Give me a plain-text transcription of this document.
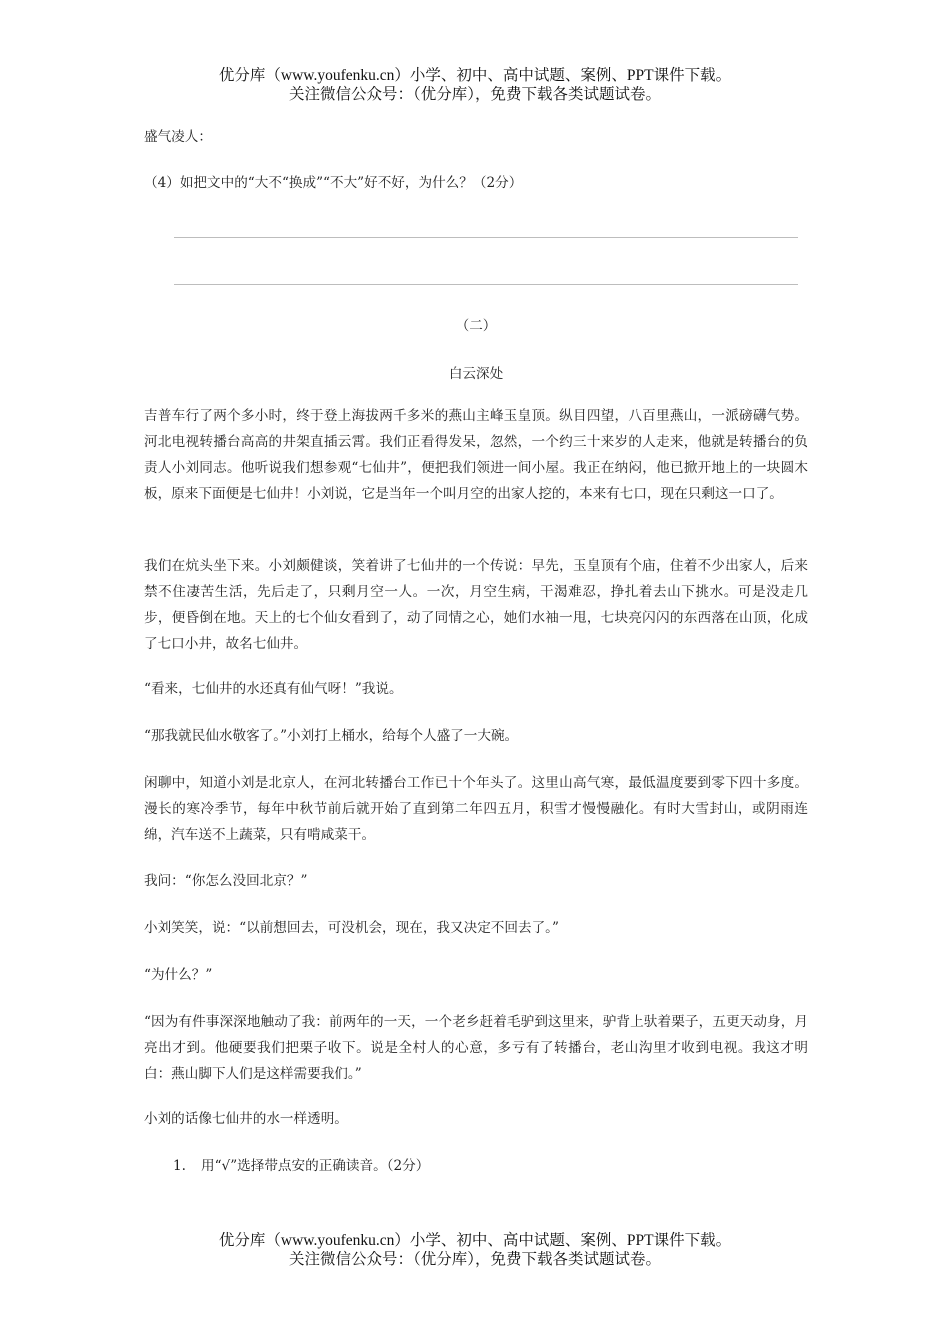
优分库（www.youfenku.cn）小学、初中、高中试题、案例、PPT课件下载。
关注微信公众号：（优分库），免费下载各类试题试卷。
盛气凌人：
（4）如把文中的“大不“换成”“不大”好不好，为什么？（2分）
（二）
白云深处
吉普车行了两个多小时，终于登上海拔两千多米的燕山主峰玉皇顶。纵目四望，八百里燕山，一派磅礴气势。河北电视转播台高高的井架直插云霄。我们正看得发呆，忽然，一个约三十来岁的人走来，他就是转播台的负责人小刘同志。他听说我们想参观“七仙井”，便把我们领进一间小屋。我正在纳闷，他已掀开地上的一块圆木板，原来下面便是七仙井！小刘说，它是当年一个叫月空的出家人挖的，本来有七口，现在只剩这一口了。
我们在炕头坐下来。小刘颇健谈，笑着讲了七仙井的一个传说：早先，玉皇顶有个庙，住着不少出家人，后来禁不住凄苦生活，先后走了，只剩月空一人。一次，月空生病，干渴难忍，挣扎着去山下挑水。可是没走几步，便昏倒在地。天上的七个仙女看到了，动了同情之心，她们水袖一甩，七块亮闪闪的东西落在山顶，化成了七口小井，故名七仙井。
“看来，七仙井的水还真有仙气呀！”我说。
“那我就民仙水敬客了。”小刘打上桶水，给每个人盛了一大碗。
闲聊中，知道小刘是北京人，在河北转播台工作已十个年头了。这里山高气寒，最低温度要到零下四十多度。漫长的寒冷季节，每年中秋节前后就开始了直到第二年四五月，积雪才慢慢融化。有时大雪封山，或阴雨连绵，汽车送不上蔬菜，只有啃咸菜干。
我问：“你怎么没回北京？”
小刘笑笑，说：“以前想回去，可没机会，现在，我又决定不回去了。”
“为什么？”
“因为有件事深深地触动了我：前两年的一天，一个老乡赶着毛驴到这里来，驴背上驮着栗子，五更天动身，月亮出才到。他硬要我们把栗子收下。说是全村人的心意，多亏有了转播台，老山沟里才收到电视。我这才明白：燕山脚下人们是这样需要我们。”
小刘的话像七仙井的水一样透明。
1. 用“√”选择带点安的正确读音。（2分）
优分库（www.youfenku.cn）小学、初中、高中试题、案例、PPT课件下载。
关注微信公众号：（优分库），免费下载各类试题试卷。
